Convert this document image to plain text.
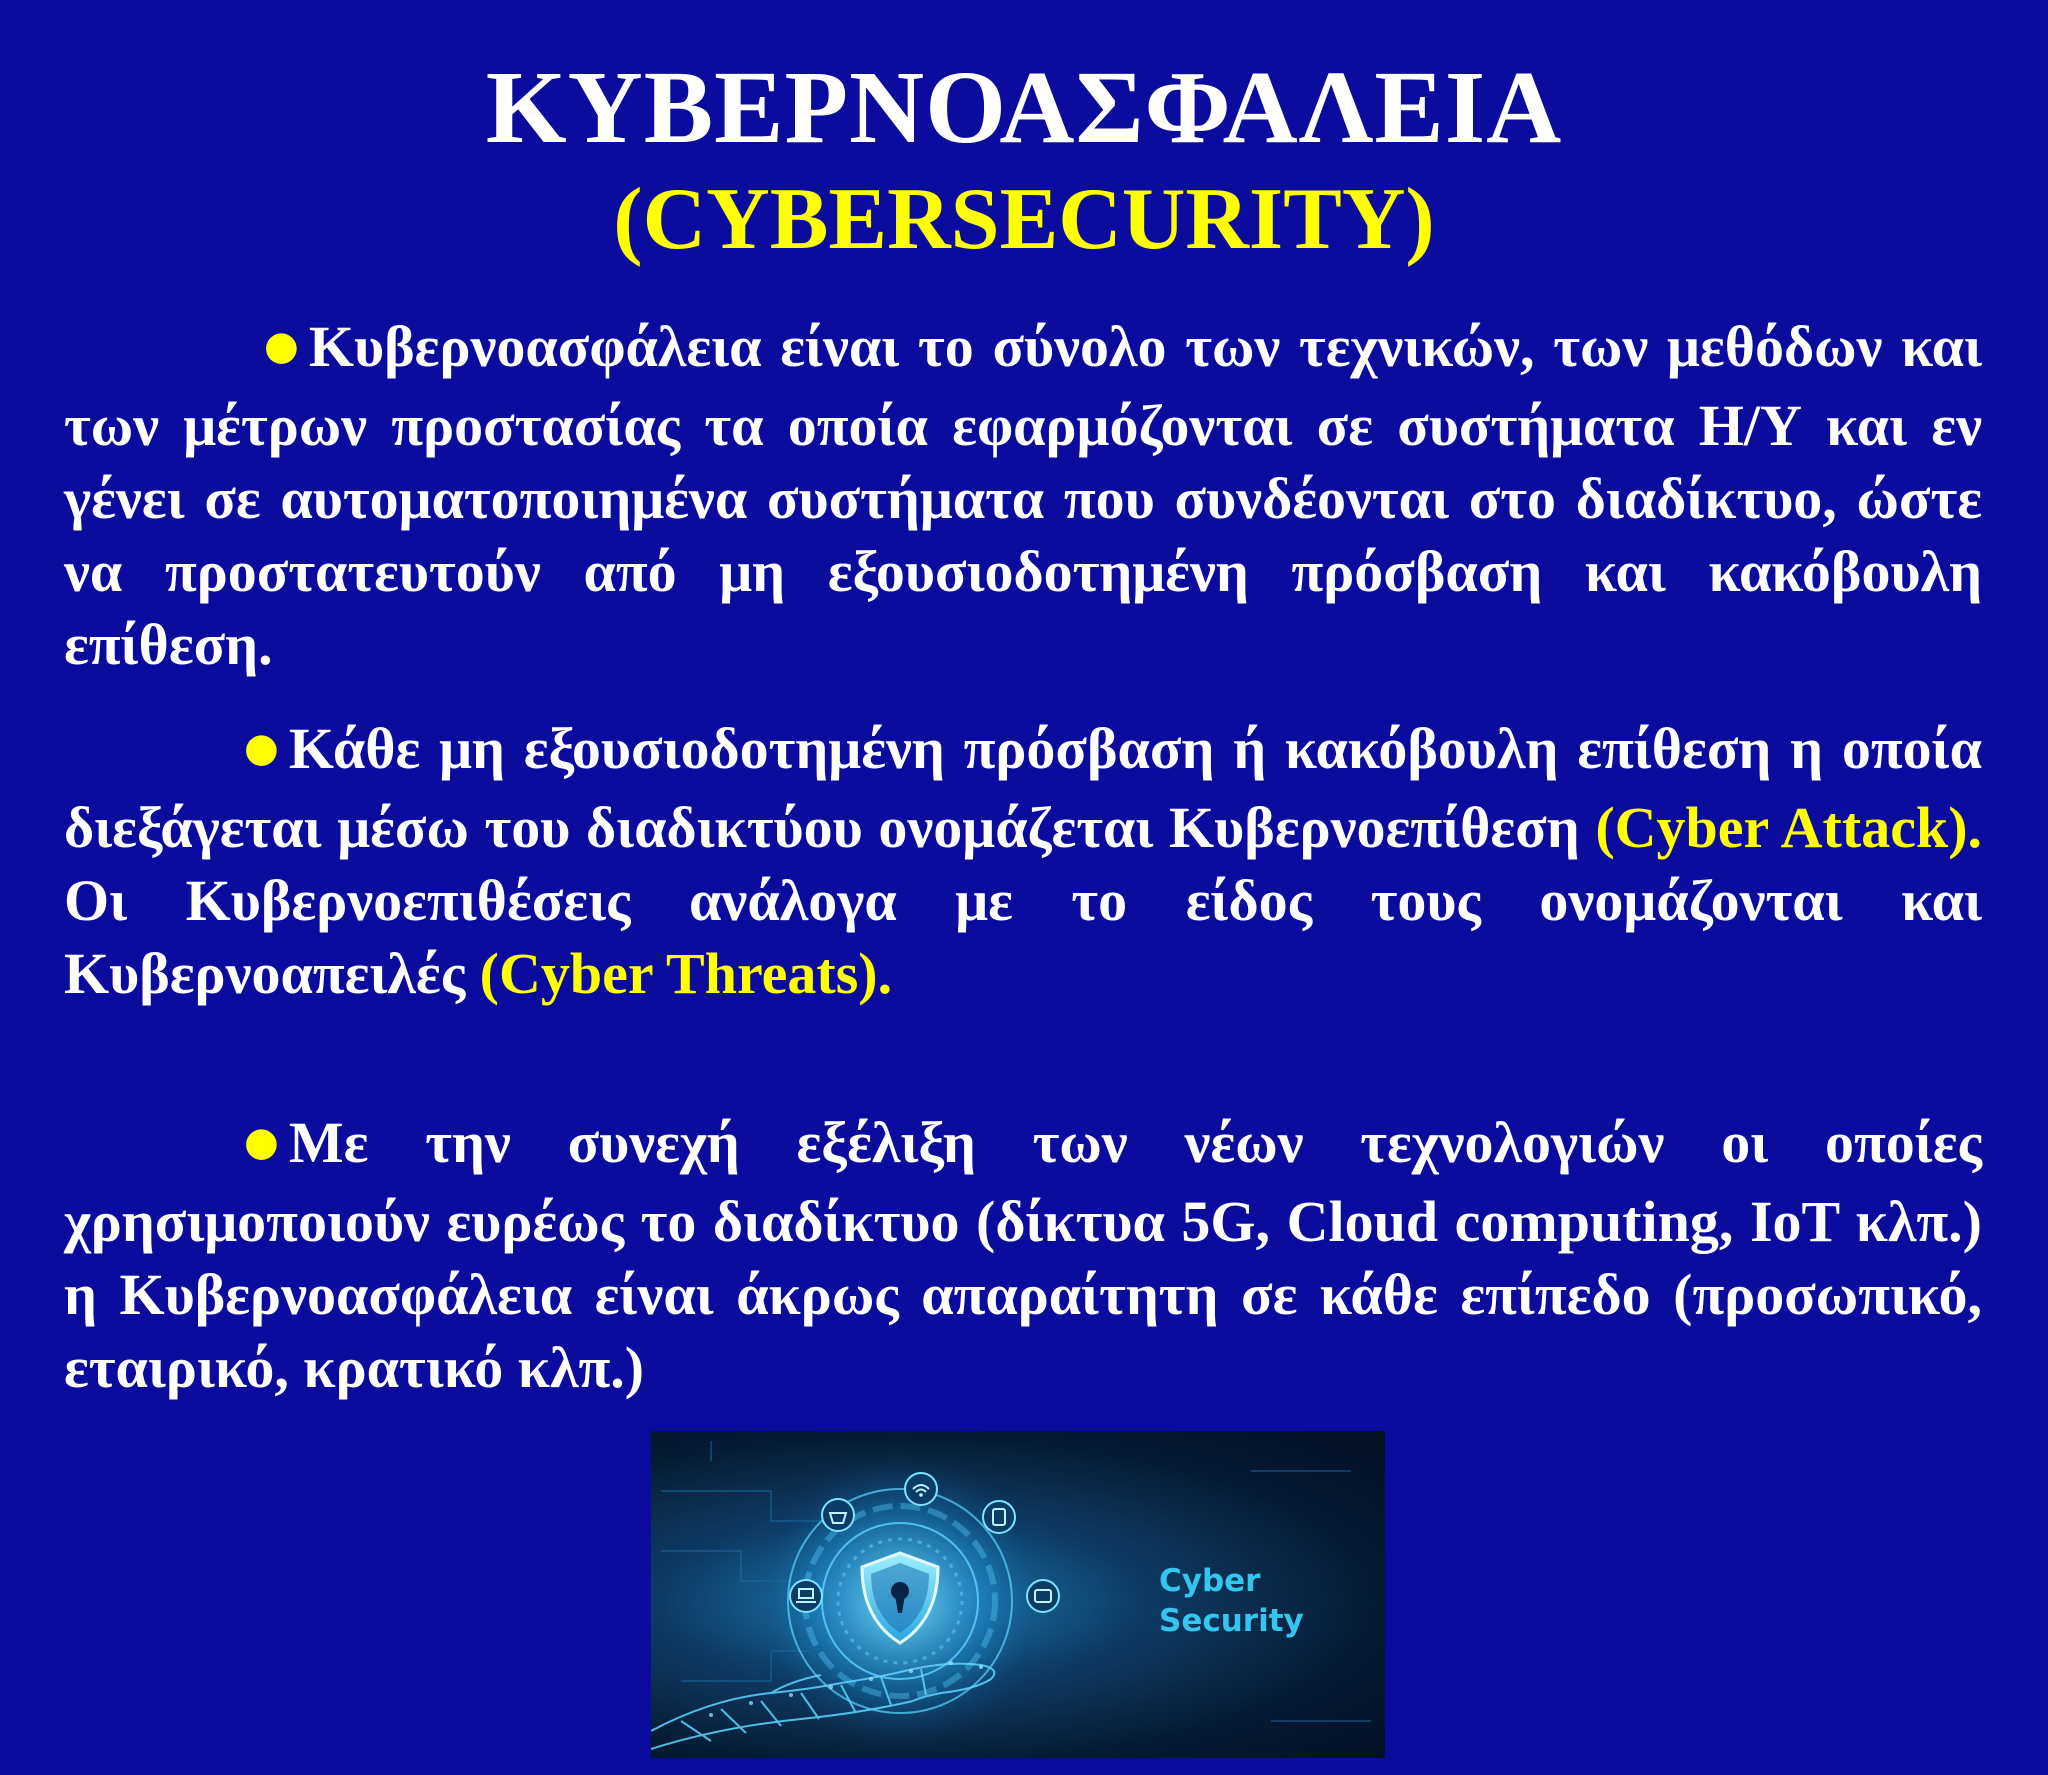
ΚΥΒΕΡΝΟΑΣΦΑΛΕΙΑ
(CYBERSECURITY)
● Κυβερνοασφάλεια είναι το σύνολο των τεχνικών, των μεθόδων και των μέτρων προστασίας τα οποία εφαρμόζονται σε συστήματα Η/Υ και εν γένει σε αυτοματοποιημένα συστήματα που συνδέονται στο διαδίκτυο, ώστε να προστατευτούν από μη εξουσιοδοτημένη πρόσβαση και κακόβουλη επίθεση.
● Κάθε μη εξουσιοδοτημένη πρόσβαση ή κακόβουλη επίθεση η οποία διεξάγεται μέσω του διαδικτύου ονομάζεται Κυβερνοεπίθεση (Cyber Attack). Οι Κυβερνοεπιθέσεις ανάλογα με το είδος τους ονομάζονται και Κυβερνοαπειλές (Cyber Threats).
● Με την συνεχή εξέλιξη των νέων τεχνολογιών οι οποίες χρησιμοποιούν ευρέως το διαδίκτυο (δίκτυα 5G, Cloud computing, IoT κλπ.) η Κυβερνοασφάλεια είναι άκρως απαραίτητη σε κάθε επίπεδο (προσωπικό, εταιρικό, κρατικό κλπ.)
Cyber
Security
